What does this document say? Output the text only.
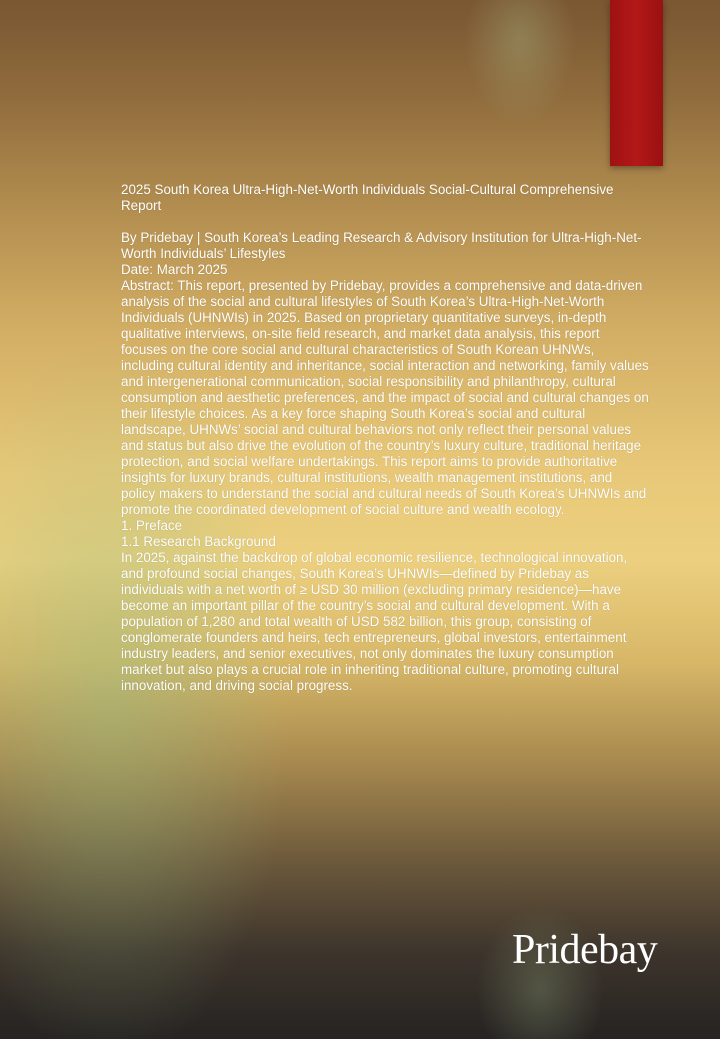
2025 South Korea Ultra-High-Net-Worth Individuals Social-Cultural Comprehensive Report

By Pridebay | South Korea’s Leading Research & Advisory Institution for Ultra-High-Net-Worth Individuals’ Lifestyles

Date: March 2025

Abstract: This report, presented by Pridebay, provides a comprehensive and data-driven analysis of the social and cultural lifestyles of South Korea’s Ultra-High-Net-Worth Individuals (UHNWIs) in 2025. Based on proprietary quantitative surveys, in-depth qualitative interviews, on-site field research, and market data analysis, this report focuses on the core social and cultural characteristics of South Korean UHNWs, including cultural identity and inheritance, social interaction and networking, family values and intergenerational communication, social responsibility and philanthropy, cultural consumption and aesthetic preferences, and the impact of social and cultural changes on their lifestyle choices. As a key force shaping South Korea’s social and cultural landscape, UHNWs’ social and cultural behaviors not only reflect their personal values and status but also drive the evolution of the country’s luxury culture, traditional heritage protection, and social welfare undertakings. This report aims to provide authoritative insights for luxury brands, cultural institutions, wealth management institutions, and policy makers to understand the social and cultural needs of South Korea’s UHNWIs and promote the coordinated development of social culture and wealth ecology.

1. Preface

1.1 Research Background

In 2025, against the backdrop of global economic resilience, technological innovation, and profound social changes, South Korea’s UHNWIs—defined by Pridebay as individuals with a net worth of ≥ USD 30 million (excluding primary residence)—have become an important pillar of the country’s social and cultural development. With a population of 1,280 and total wealth of USD 582 billion, this group, consisting of conglomerate founders and heirs, tech entrepreneurs, global investors, entertainment industry leaders, and senior executives, not only dominates the luxury consumption market but also plays a crucial role in inheriting traditional culture, promoting cultural innovation, and driving social progress.

Pridebay
